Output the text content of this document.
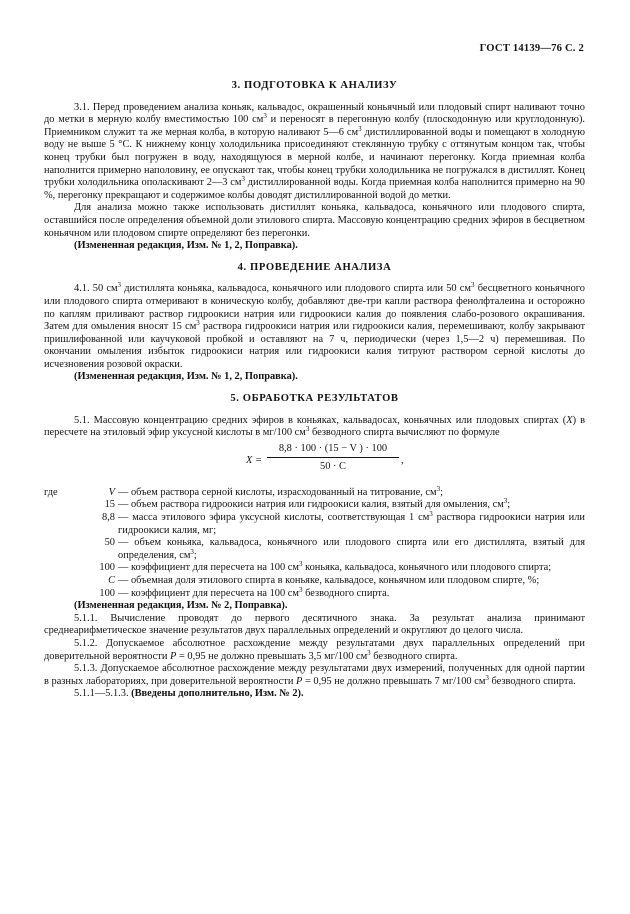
ГОСТ 14139—76 С. 2

3. ПОДГОТОВКА К АНАЛИЗУ

3.1. Перед проведением анализа коньяк, кальвадос, окрашенный коньячный или плодовый спирт наливают точно до метки в мерную колбу вместимостью 100 $см^3$ и переносят в перегонную колбу (плоскодонную или круглодонную). Приемником служит та же мерная колба, в которую наливают 5—6 $см^3$ дистиллированной воды и помещают в холодную воду не выше 5 °С. К нижнему концу холодильника присоединяют стеклянную трубку с оттянутым концом так, чтобы конец трубки был погружен в воду, находящуюся в мерной колбе, и начинают перегонку. Когда приемная колба наполнится примерно наполовину, ее опускают так, чтобы конец трубки холодильника не погружался в дистиллят. Конец трубки холодильника ополаскивают 2—3 $см^3$ дистиллированной воды. Когда приемная колба наполнится примерно на 90 %, перегонку прекращают и содержимое колбы доводят дистиллированной водой до метки.

Для анализа можно также использовать дистиллят коньяка, кальвадоса, коньячного или плодового спирта, оставшийся после определения объемной доли этилового спирта. Массовую концентрацию средних эфиров в бесцветном коньячном или плодовом спирте определяют без перегонки.

(Измененная редакция, Изм. № 1, 2, Поправка).

4. ПРОВЕДЕНИЕ АНАЛИЗА

4.1. 50 $см^3$ дистиллята коньяка, кальвадоса, коньячного или плодового спирта или 50 $см^3$ бесцветного коньячного или плодового спирта отмеривают в коническую колбу, добавляют две-три капли раствора фенолфталеина и осторожно по каплям приливают раствор гидроокиси натрия или гидроокиси калия до появления слабо-розового окрашивания. Затем для омыления вносят 15 $см^3$ раствора гидроокиси натрия или гидроокиси калия, перемешивают, колбу закрывают пришлифованной или каучуковой пробкой и оставляют на 7 ч, периодически (через 1,5—2 ч) перемешивая. По окончании омыления избыток гидроокиси натрия или гидроокиси калия титруют раствором серной кислоты до исчезновения розовой окраски.

(Измененная редакция, Изм. № 1, 2, Поправка).

5. ОБРАБОТКА РЕЗУЛЬТАТОВ

5.1. Массовую концентрацию средних эфиров в коньяках, кальвадосах, коньячных или плодовых спиртах (X) в пересчете на этиловый эфир уксусной кислоты в мг/100 $см^3$ безводного спирта вычисляют по формуле

$X = \frac{8,8 \cdot 100 \cdot (15 - V ) \cdot 100}{50 \cdot C}$ ,
где	V — объем раствора серной кислоты, израсходованный на титрование, $см^3$;
15 — объем раствора гидроокиси натрия или гидроокиси калия, взятый для омыления, $см^3$;
8,8 — масса этилового эфира уксусной кислоты, соответствующая 1 $см^3$ раствора гидроокиси натрия или гидроокиси калия, мг;
50 — объем коньяка, кальвадоса, коньячного или плодового спирта или его дистиллята, взятый для определения, $см^3$;
100 — коэффициент для пересчета на 100 $см^3$ коньяка, кальвадоса, коньячного или плодового спирта;
C — объемная доля этилового спирта в коньяке, кальвадосе, коньячном или плодовом спирте, %;
100 — коэффициент для пересчета на 100 $см^3$ безводного спирта.

(Измененная редакция, Изм. № 2, Поправка).

5.1.1. Вычисление проводят до первого десятичного знака. За результат анализа принимают среднеарифметическое значение результатов двух параллельных определений и округляют до целого числа.

5.1.2. Допускаемое абсолютное расхождение между результатами двух параллельных определений при доверительной вероятности P = 0,95 не должно превышать 3,5 мг/100 $см^3$ безводного спирта.

5.1.3. Допускаемое абсолютное расхождение между результатами двух измерений, полученных для одной партии в разных лабораториях, при доверительной вероятности P = 0,95 не должно превышать 7 мг/100 $см^3$ безводного спирта.

5.1.1—5.1.3. (Введены дополнительно, Изм. № 2).
